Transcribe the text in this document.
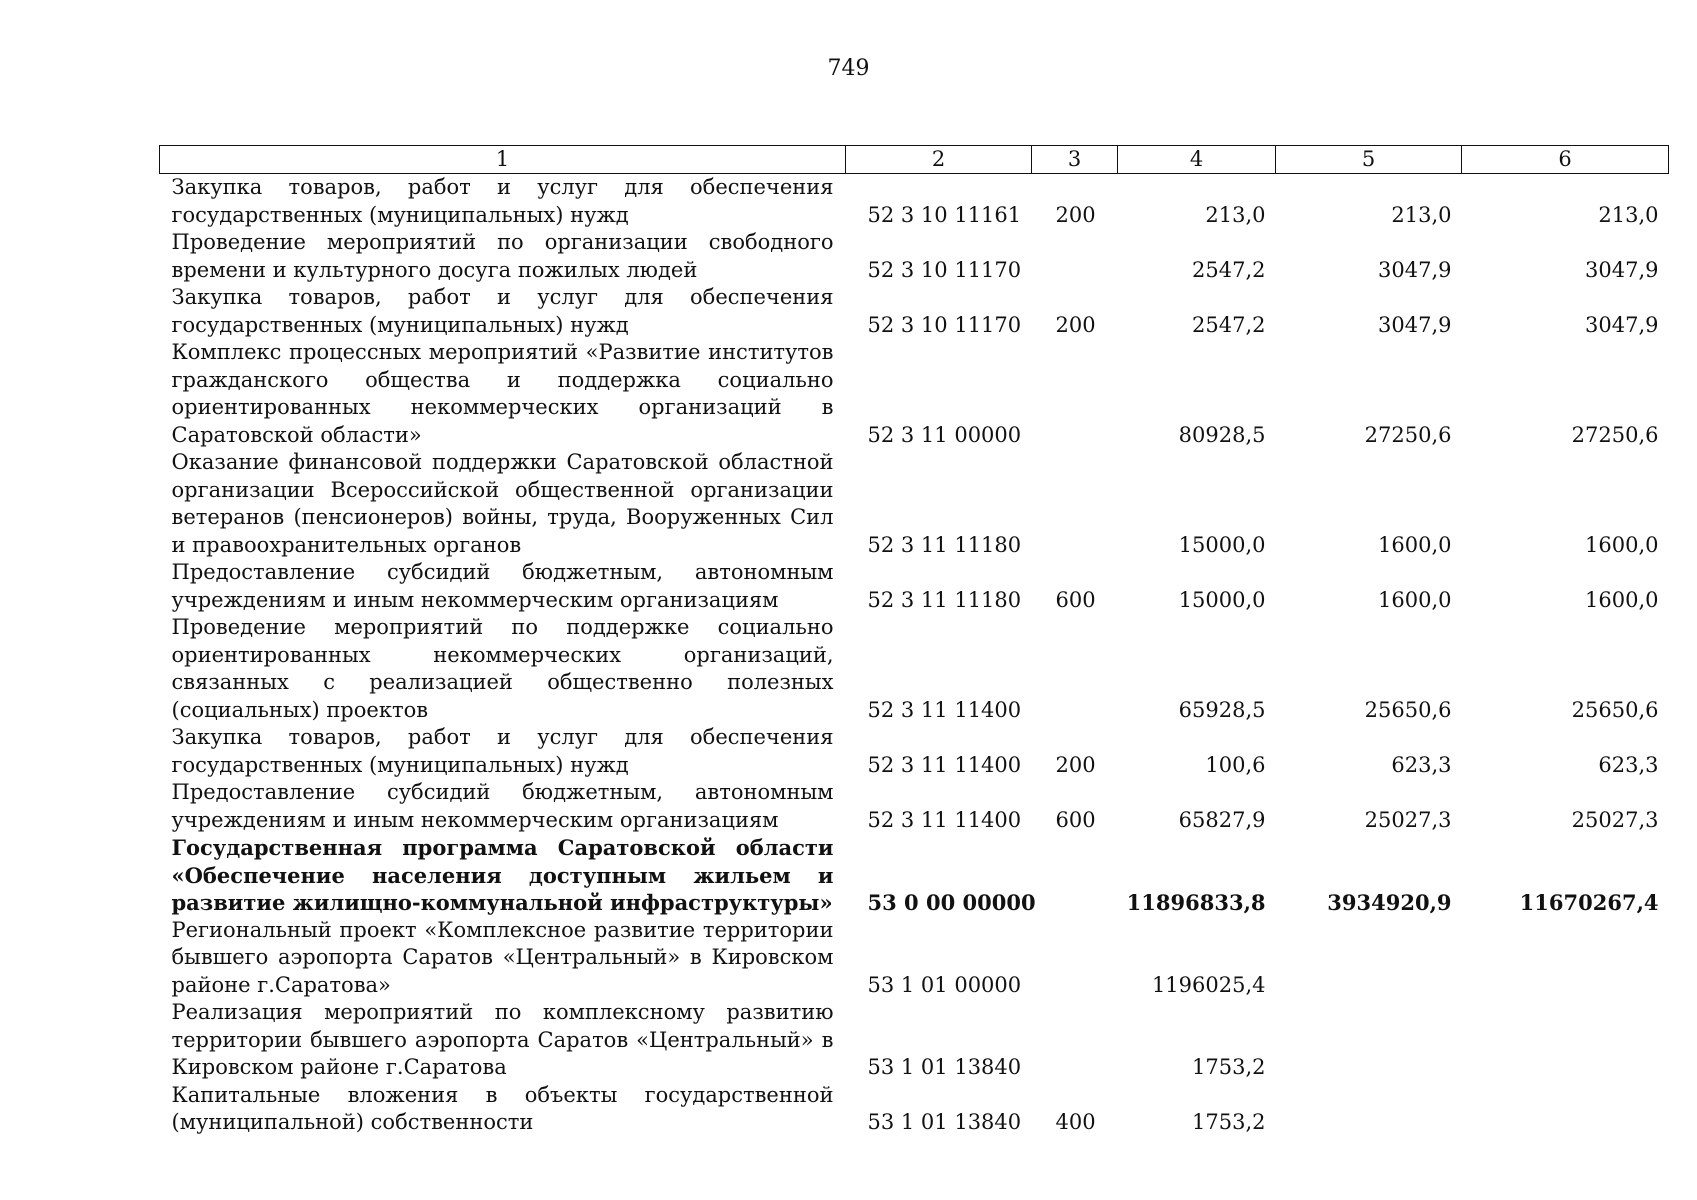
749
1	2	3	4	5	6
Закупка товаров, работ и услуг для обеспечения государственных (муниципальных) нужд	52 3 10 11161	200	213,0	213,0	213,0
Проведение мероприятий по организации свободного времени и культурного досуга пожилых людей	52 3 10 11170		2547,2	3047,9	3047,9
Закупка товаров, работ и услуг для обеспечения государственных (муниципальных) нужд	52 3 10 11170	200	2547,2	3047,9	3047,9
Комплекс процессных мероприятий «Развитие институтов гражданского общества и поддержка социально ориентированных некоммерческих организаций в Саратовской области»	52 3 11 00000		80928,5	27250,6	27250,6
Оказание финансовой поддержки Саратовской областной организации Всероссийской общественной организации ветеранов (пенсионеров) войны, труда, Вооруженных Сил и правоохранительных органов	52 3 11 11180		15000,0	1600,0	1600,0
Предоставление субсидий бюджетным, автономным учреждениям и иным некоммерческим организациям	52 3 11 11180	600	15000,0	1600,0	1600,0
Проведение мероприятий по поддержке социально ориентированных некоммерческих организаций, связанных с реализацией общественно полезных (социальных) проектов	52 3 11 11400		65928,5	25650,6	25650,6
Закупка товаров, работ и услуг для обеспечения государственных (муниципальных) нужд	52 3 11 11400	200	100,6	623,3	623,3
Предоставление субсидий бюджетным, автономным учреждениям и иным некоммерческим организациям	52 3 11 11400	600	65827,9	25027,3	25027,3
Государственная программа Саратовской области «Обеспечение населения доступным жильем и развитие жилищно-коммунальной инфраструктуры»	53 0 00 00000		11896833,8	3934920,9	11670267,4
Региональный проект «Комплексное развитие территории бывшего аэропорта Саратов «Центральный» в Кировском районе г.Саратова»	53 1 01 00000		1196025,4		
Реализация мероприятий по комплексному развитию территории бывшего аэропорта Саратов «Центральный» в Кировском районе г.Саратова	53 1 01 13840		1753,2		
Капитальные вложения в объекты государственной (муниципальной) собственности	53 1 01 13840	400	1753,2		
